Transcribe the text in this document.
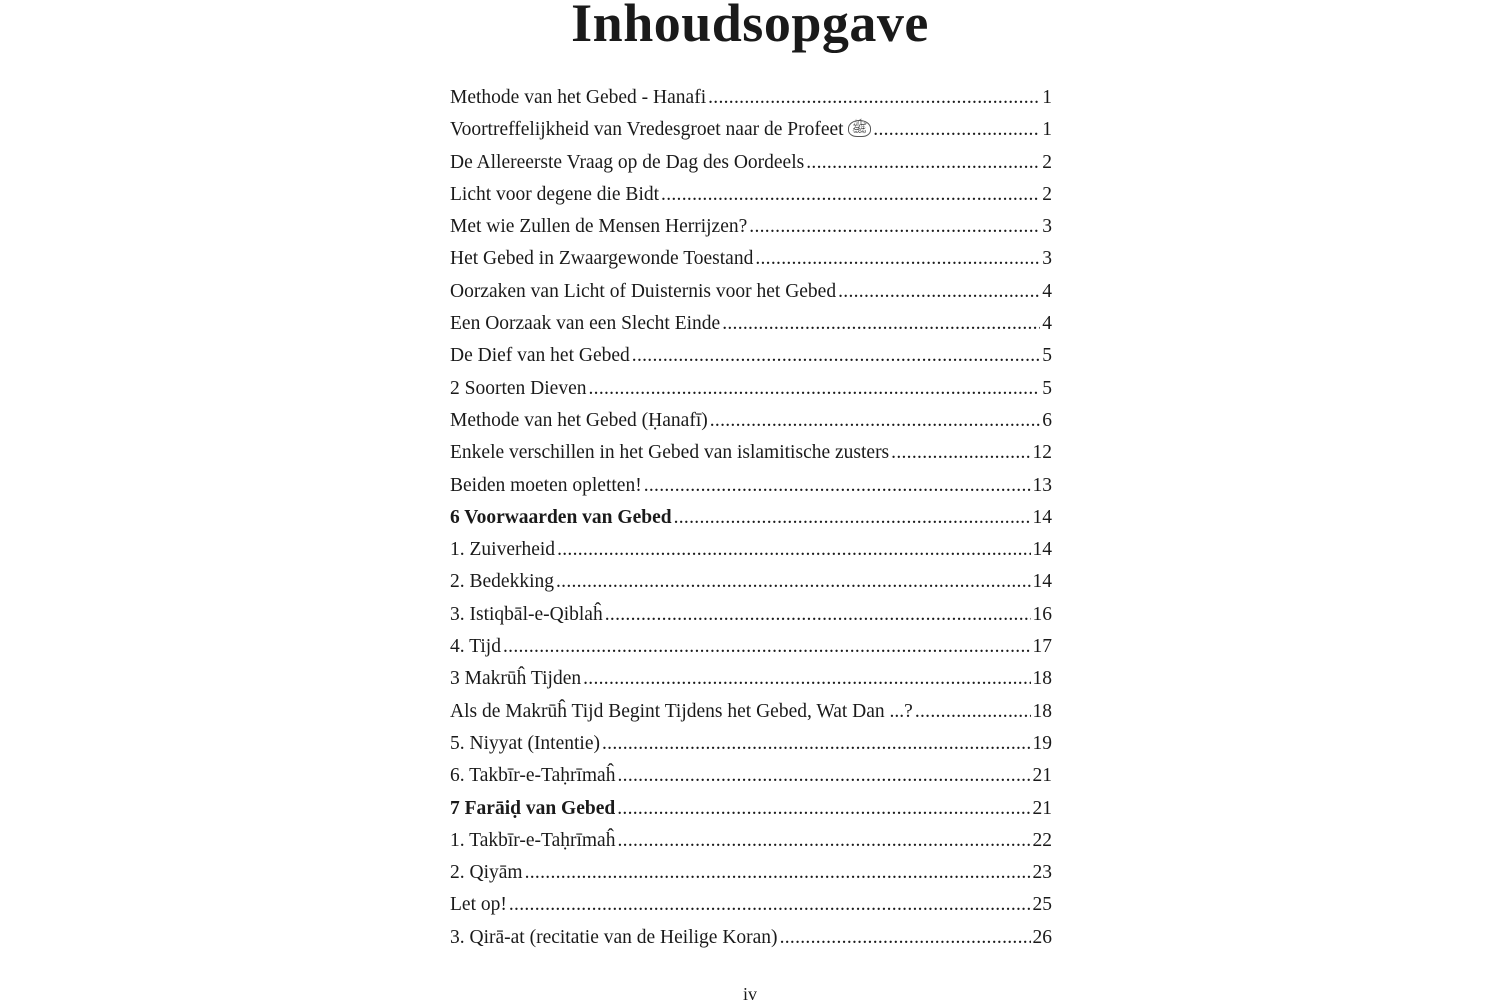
Inhoudsopgave
Methode van het Gebed - Hanafi .....	1
Voortreffelijkheid van Vredesgroet naar de Profeet ﷺ .....	1
De Allereerste Vraag op de Dag des Oordeels .....	2
Licht voor degene die Bidt .....	2
Met wie Zullen de Mensen Herrijzen? .....	3
Het Gebed in Zwaargewonde Toestand .....	3
Oorzaken van Licht of Duisternis voor het Gebed .....	4
Een Oorzaak van een Slecht Einde .....	4
De Dief van het Gebed .....	5
2 Soorten Dieven .....	5
Methode van het Gebed (Ḥanafī) .....	6
Enkele verschillen in het Gebed van islamitische zusters .....	12
Beiden moeten opletten! .....	13
6 Voorwaarden van Gebed .....	14
1. Zuiverheid .....	14
2. Bedekking .....	14
3. Istiqbāl-e-Qiblaĥ .....	16
4. Tijd .....	17
3 Makrūĥ Tijden .....	18
Als de Makrūĥ Tijd Begint Tijdens het Gebed, Wat Dan ...? .....	18
5. Niyyat (Intentie) .....	19
6. Takbīr-e-Taḥrīmaĥ .....	21
7 Farāiḍ van Gebed .....	21
1. Takbīr-e-Taḥrīmaĥ .....	22
2. Qiyām .....	23
Let op! .....	25
3. Qirā-at (recitatie van de Heilige Koran) .....	26
iv
